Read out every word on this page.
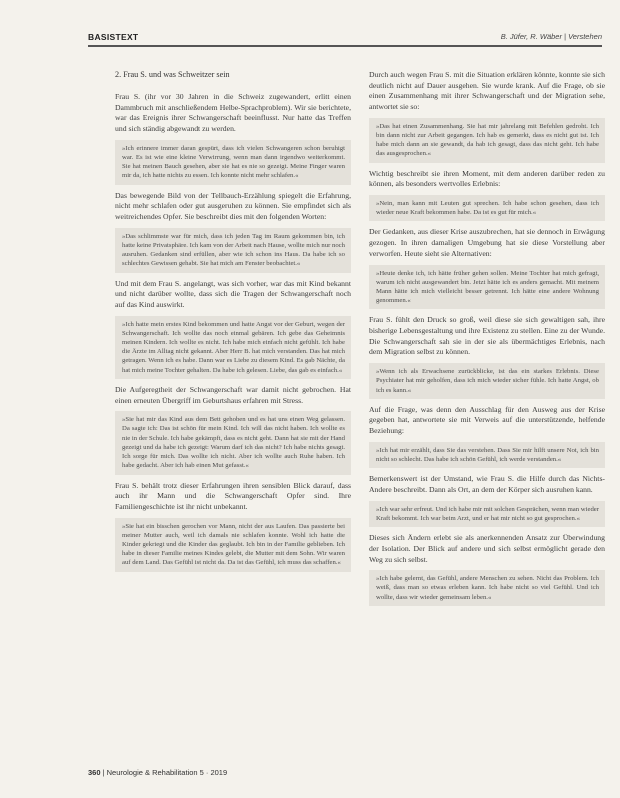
BASISTEXT	B. Jüfer, R. Wäber | Verstehen
2. Frau S. und was Schweitzer sein

Frau S. (ihr vor 30 Jahren in die Schweiz zugewandert, erlitt einen Dammbruch mit anschließendem Helbe-Sprachproblem). Wir sie berichtete, war das Ereignis ihrer Schwangerschaft beeinflusst. Nur hatte das Treffen und sich ständig abgewandt zu werden.

»Ich erinnere immer daran gespürt, dass ich vielen Schwangeren schon beruhigt war. Es ist wie eine kleine Verwirrung, wenn man dann irgendwo weiterkommt. Sie hat meinen Bauch gesehen, aber sie hat es nie so gezeigt. Meine Finger waren mir da, ich hatte nichts zu essen. Ich konnte nicht mehr schlafen.«

Das bewegende Bild von der Tellbauch-Erzählung spiegelt die Erfahrung, nicht mehr schlafen oder gut ausgeruhen zu können. Sie empfindet sich als weitreichendes Opfer. Sie beschreibt dies mit den folgenden Worten:

»Das schlimmste war für mich, dass ich jeden Tag im Raum gekommen bin, ich hatte keine Privatsphäre. Ich kam von der Arbeit nach Hause, wollte mich nur noch ausruhen. Gedanken sind erfüllen, aber wie ich schon ins Haus. Da habe ich so schlechtes Gewissen gehabt. Sie hat mich am Fenster beobachtet.«

Und mit dem Frau S. angelangt, was sich vorher, war das mit Kind bekannt und nicht darüber wollte, dass sich die Tragen der Schwangerschaft noch auf das Kind auswirkt.

»Ich hatte mein erstes Kind bekommen und hatte Angst vor der Geburt, wegen der Schwangerschaft. Ich wollte das noch einmal gebären. Ich gebe das Geheimnis meinen Kindern. Ich wollte es nicht. Ich habe mich einfach nicht gefühlt. Ich habe die Ärzte im Alltag nicht gekannt. Aber Herr B. hat mich verstanden. Das hat mich getragen. Wenn ich es habe. Dann war es Liebe zu diesem Kind. Es gab Nächte, da hat mich meine Tochter gehalten. Da habe ich gelesen. Liebe, das gab es einfach.«

Die Aufgeregtheit der Schwangerschaft war damit nicht gebrochen. Hat einen erneuten Übergriff im Geburtshaus erfahren mit Stress.

»Sie hat mir das Kind aus dem Bett gehoben und es hat uns einen Weg gelassen. Da sagte ich: Das ist schön für mein Kind. Ich will das nicht haben. Ich wollte es nie in der Schule. Ich habe gekämpft, dass es nicht geht. Dann hat sie mit der Hand gezeigt und da habe ich gezeigt: Warum darf ich das nicht? Ich habe nichts gesagt. Ich sorge für mich. Das wollte ich nicht. Aber ich wollte auch Ruhe haben. Ich habe gedacht. Aber ich hab einen Mut gefasst.«

Frau S. behält trotz dieser Erfahrungen ihren sensiblen Blick darauf, dass auch ihr Mann und die Schwangerschaft Opfer sind. Ihre Familiengeschichte ist ihr nicht unbekannt.

»Sie hat ein bisschen gerochen vor Mann, nicht der aus Laufen. Das passierte bei meiner Mutter auch, weil ich damals nie schlafen konnte. Wohl ich hatte die Kinder gekriegt und die Kinder das geglaubt. Ich bin in der Familie geblieben. Ich habe in dieser Familie meines Kindes gelebt, die Mutter mit dem Sohn. Wir waren auf dem Land. Das Gefühl ist nicht da. Da ist das Gefühl, ich muss das schaffen.«

Durch auch wegen Frau S. mit die Situation erklären könnte, konnte sie sich deutlich nicht auf Dauer ausgehen. Sie wurde krank. Auf die Frage, ob sie einen Zusammenhang mit ihrer Schwangerschaft und der Migration sehe, antwortet sie so:

»Das hat einen Zusammenhang. Sie hat mir jahrelang mit Befehlen gedroht. Ich bin dann nicht zur Arbeit gegangen. Ich hab es gemerkt, dass es nicht gut ist. Ich habe mich dann an sie gewandt, da hab ich gesagt, dass das nicht geht. Ich habe das ausgesprochen.«

Wichtig beschreibt sie ihren Moment, mit dem anderen darüber reden zu können, als besonders wertvolles Erlebnis:

»Nein, man kann mit Leuten gut sprechen. Ich habe schon gesehen, dass ich wieder neue Kraft bekommen habe. Da ist es gut für mich.«

Der Gedanken, aus dieser Krise auszubrechen, hat sie dennoch in Erwägung gezogen. In ihren damaligen Umgebung hat sie diese Vorstellung aber verworfen. Heute sieht sie Alternativen:

»Heute denke ich, ich hätte früher gehen sollen. Meine Tochter hat mich gefragt, warum ich nicht ausgewandert bin. Jetzt hätte ich es anders gemacht. Mit meinem Mann hätte ich mich vielleicht besser getrennt. Ich hätte eine andere Wohnung genommen.«

Frau S. fühlt den Druck so groß, weil diese sie sich gewaltigen sah, ihre bisherige Lebensgestaltung und ihre Existenz zu stellen. Eine zu der Wunde. Die Schwangerschaft sah sie in der sie als übermächtiges Erlebnis, nach dem Migration selbst zu können.

»Wenn ich als Erwachsene zurückblicke, ist das ein starkes Erlebnis. Diese Psychiater hat mir geholfen, dass ich mich wieder sicher fühle. Ich hatte Angst, ob ich es kann.«

Auf die Frage, was denn den Ausschlag für den Ausweg aus der Krise gegeben hat, antwortete sie mit Verweis auf die unterstützende, helfende Beziehung:

»Ich hat mir erzählt, dass Sie das verstehen. Dass Sie mir hilft unsere Not, ich bin nicht so schlecht. Das habe ich schön Gefühl, ich werde verstanden.«

Bemerkenswert ist der Umstand, wie Frau S. die Hilfe durch das Nichts-Andere beschreibt. Dann als Ort, an dem der Körper sich ausruhen kann.

»Ich war sehr erfreut. Und ich habe mir mit solchen Gesprächen, wenn man wieder Kraft bekommt. Ich war beim Arzt, und er hat mir nicht so gut gesprochen.«

Dieses sich Ändern erlebt sie als anerkennenden Ansatz zur Überwindung der Isolation. Der Blick auf andere und sich selbst ermöglicht gerade den Weg zu sich selbst.

»Ich habe gelernt, das Gefühl, andere Menschen zu sehen. Nicht das Problem. Ich weiß, dass man so etwas erleben kann. Ich habe nicht so viel Gefühl. Und ich wollte, dass wir wieder gemeinsam leben.«

360 | Neurologie & Rehabilitation 5 · 2019
